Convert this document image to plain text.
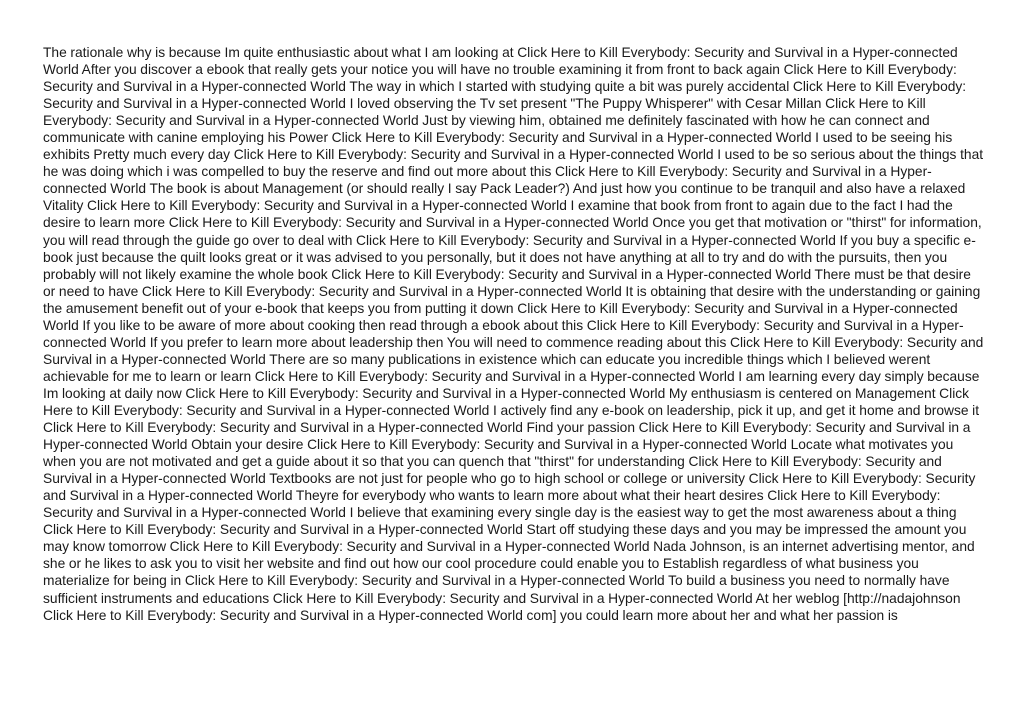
The rationale why is because Im quite enthusiastic about what I am looking at Click Here to Kill Everybody: Security and Survival in a Hyper-connected World After you discover a ebook that really gets your notice you will have no trouble examining it from front to back again Click Here to Kill Everybody: Security and Survival in a Hyper-connected World The way in which I started with studying quite a bit was purely accidental Click Here to Kill Everybody: Security and Survival in a Hyper-connected World I loved observing the Tv set present "The Puppy Whisperer" with Cesar Millan Click Here to Kill Everybody: Security and Survival in a Hyper-connected World Just by viewing him, obtained me definitely fascinated with how he can connect and communicate with canine employing his Power Click Here to Kill Everybody: Security and Survival in a Hyper-connected World I used to be seeing his exhibits Pretty much every day Click Here to Kill Everybody: Security and Survival in a Hyper-connected World I used to be so serious about the things that he was doing which i was compelled to buy the reserve and find out more about this Click Here to Kill Everybody: Security and Survival in a Hyper-connected World The book is about Management (or should really I say Pack Leader?) And just how you continue to be tranquil and also have a relaxed Vitality Click Here to Kill Everybody: Security and Survival in a Hyper-connected World I examine that book from front to again due to the fact I had the desire to learn more Click Here to Kill Everybody: Security and Survival in a Hyper-connected World Once you get that motivation or "thirst" for information, you will read through the guide go over to deal with Click Here to Kill Everybody: Security and Survival in a Hyper-connected World If you buy a specific e-book just because the quilt looks great or it was advised to you personally, but it does not have anything at all to try and do with the pursuits, then you probably will not likely examine the whole book Click Here to Kill Everybody: Security and Survival in a Hyper-connected World There must be that desire or need to have Click Here to Kill Everybody: Security and Survival in a Hyper-connected World It is obtaining that desire with the understanding or gaining the amusement benefit out of your e-book that keeps you from putting it down Click Here to Kill Everybody: Security and Survival in a Hyper-connected World If you like to be aware of more about cooking then read through a ebook about this Click Here to Kill Everybody: Security and Survival in a Hyper-connected World If you prefer to learn more about leadership then You will need to commence reading about this Click Here to Kill Everybody: Security and Survival in a Hyper-connected World There are so many publications in existence which can educate you incredible things which I believed werent achievable for me to learn or learn Click Here to Kill Everybody: Security and Survival in a Hyper-connected World I am learning every day simply because Im looking at daily now Click Here to Kill Everybody: Security and Survival in a Hyper-connected World My enthusiasm is centered on Management Click Here to Kill Everybody: Security and Survival in a Hyper-connected World I actively find any e-book on leadership, pick it up, and get it home and browse it Click Here to Kill Everybody: Security and Survival in a Hyper-connected World Find your passion Click Here to Kill Everybody: Security and Survival in a Hyper-connected World Obtain your desire Click Here to Kill Everybody: Security and Survival in a Hyper-connected World Locate what motivates you when you are not motivated and get a guide about it so that you can quench that "thirst" for understanding Click Here to Kill Everybody: Security and Survival in a Hyper-connected World Textbooks are not just for people who go to high school or college or university Click Here to Kill Everybody: Security and Survival in a Hyper-connected World Theyre for everybody who wants to learn more about what their heart desires Click Here to Kill Everybody: Security and Survival in a Hyper-connected World I believe that examining every single day is the easiest way to get the most awareness about a thing Click Here to Kill Everybody: Security and Survival in a Hyper-connected World Start off studying these days and you may be impressed the amount you may know tomorrow Click Here to Kill Everybody: Security and Survival in a Hyper-connected World Nada Johnson, is an internet advertising mentor, and she or he likes to ask you to visit her website and find out how our cool procedure could enable you to Establish regardless of what business you materialize for being in Click Here to Kill Everybody: Security and Survival in a Hyper-connected World To build a business you need to normally have sufficient instruments and educations Click Here to Kill Everybody: Security and Survival in a Hyper-connected World At her weblog [http://nadajohnson Click Here to Kill Everybody: Security and Survival in a Hyper-connected World com] you could learn more about her and what her passion is
